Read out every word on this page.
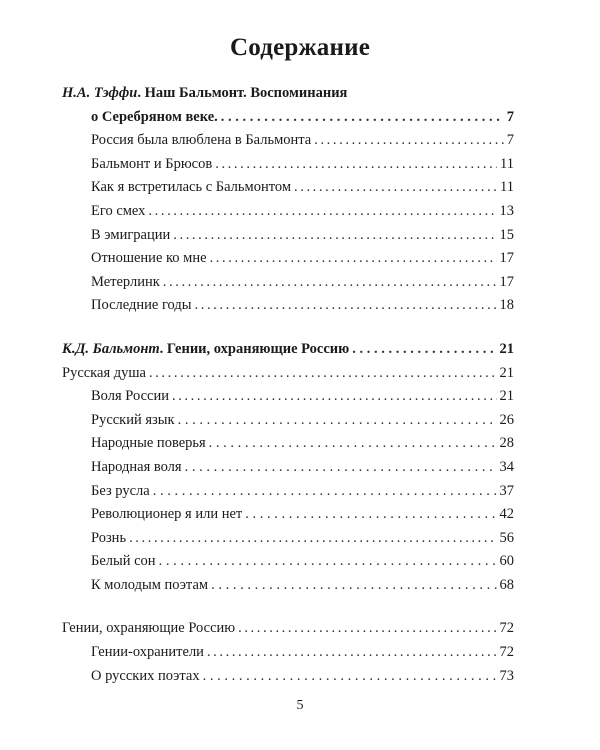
Содержание
Н.А. Тэффи. Наш Бальмонт. Воспоминания
о Серебряном веке. . . .	7
Россия была влюблена в Бальмонта .....	7
Бальмонт и Брюсов .....	11
Как я встретилась с Бальмонтом .....	11
Его смех .....	13
В эмиграции .....	15
Отношение ко мне .....	17
Метерлинк .....	17
Последние годы .....	18
К.Д. Бальмонт. Гении, охраняющие Россию . . .	21
Русская душа .....	21
Воля России .....	21
Русский язык . . .	26
Народные поверья . . .	28
Народная воля . . .	34
Без русла . . .	37
Революционер я или нет . . .	42
Рознь .....	56
Белый сон . . .	60
К молодым поэтам . . .	68
Гении, охраняющие Россию .....	72
Гении-охранители .....	72
О русских поэтах . . .	73
5
